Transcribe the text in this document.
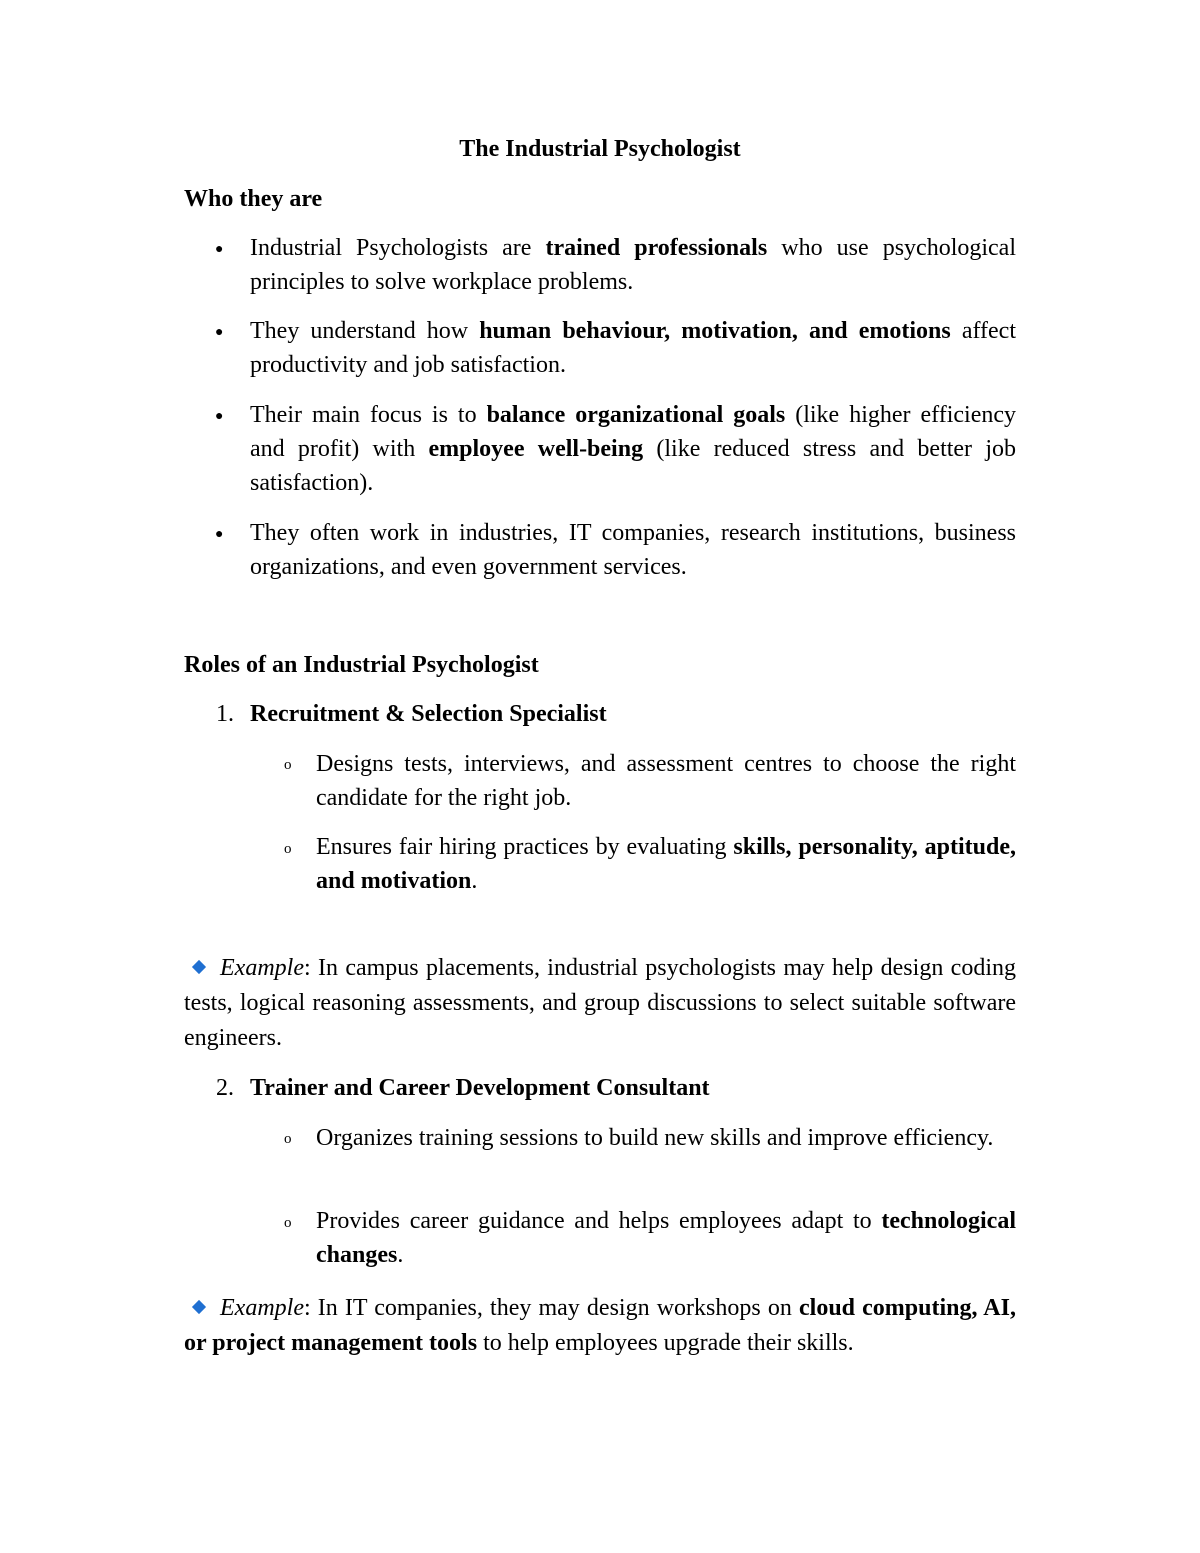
The Industrial Psychologist
Who they are
● Industrial Psychologists are trained professionals who use psychological principles to solve workplace problems.
● They understand how human behaviour, motivation, and emotions affect productivity and job satisfaction.
● Their main focus is to balance organizational goals (like higher efficiency and profit) with employee well-being (like reduced stress and better job satisfaction).
● They often work in industries, IT companies, research institutions, business organizations, and even government services.
Roles of an Industrial Psychologist
1. Recruitment & Selection Specialist
o Designs tests, interviews, and assessment centres to choose the right candidate for the right job.
o Ensures fair hiring practices by evaluating skills, personality, aptitude, and motivation.
Example: In campus placements, industrial psychologists may help design coding tests, logical reasoning assessments, and group discussions to select suitable software engineers.
2. Trainer and Career Development Consultant
o Organizes training sessions to build new skills and improve efficiency.
o Provides career guidance and helps employees adapt to technological changes.
Example: In IT companies, they may design workshops on cloud computing, AI, or project management tools to help employees upgrade their skills.
